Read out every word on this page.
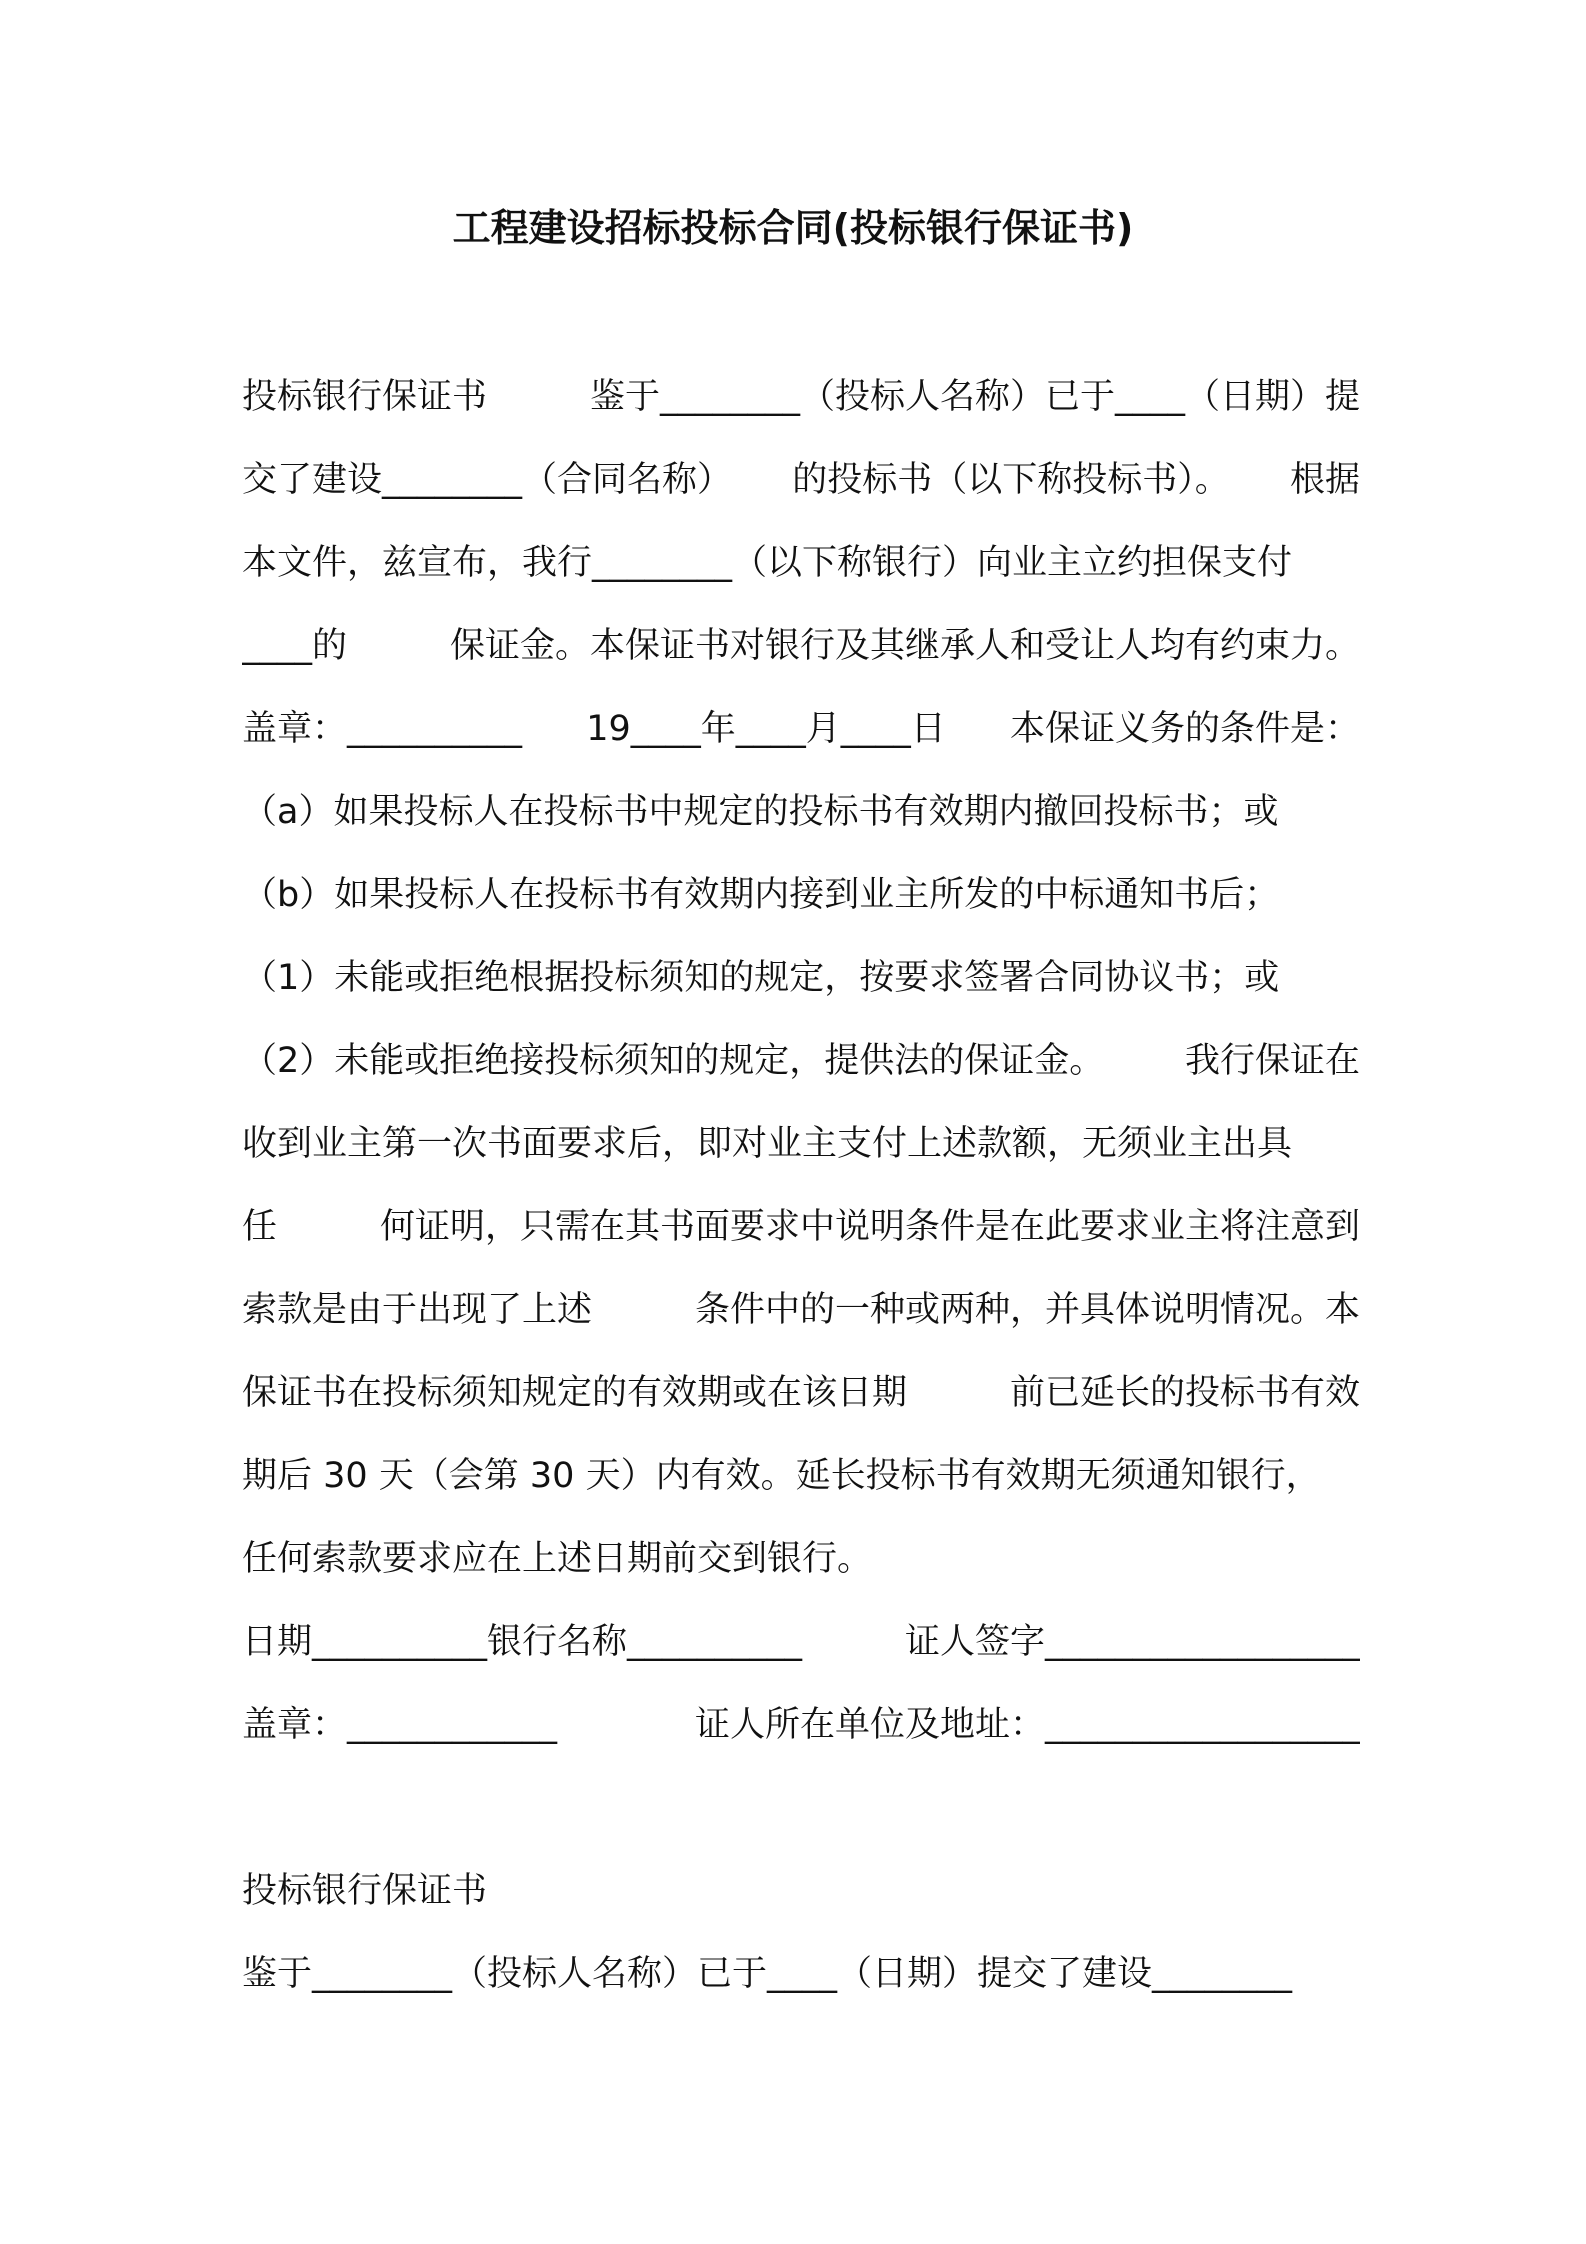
工程建设招标投标合同(投标银行保证书)
投标银行保证书	鉴于________（投标人名称）已于____（日期）提
交了建设________（合同名称） 的投标书（以下称投标书）。 根据
本文件，兹宣布，我行________（以下称银行）向业主立约担保支付
____的	保证金。本保证书对银行及其继承人和受让人均有约束力。
盖章：__________ 19____年____月____日 本保证义务的条件是：
（a）如果投标人在投标书中规定的投标书有效期内撤回投标书；或
（b）如果投标人在投标书有效期内接到业主所发的中标通知书后；
（1）未能或拒绝根据投标须知的规定，按要求签署合同协议书；或
（2）未能或拒绝接投标须知的规定，提供法的保证金。 我行保证在
收到业主第一次书面要求后，即对业主支付上述款额，无须业主出具
任	何证明，只需在其书面要求中说明条件是在此要求业主将注意到
索款是由于出现了上述	条件中的一种或两种，并具体说明情况。本
保证书在投标须知规定的有效期或在该日期	前已延长的投标书有效
期后 30 天（会第 30 天）内有效。延长投标书有效期无须通知银行，
任何索款要求应在上述日期前交到银行。
日期__________银行名称__________	证人签字__________________
盖章：____________	证人所在单位及地址：__________________
投标银行保证书
鉴于________（投标人名称）已于____（日期）提交了建设________
